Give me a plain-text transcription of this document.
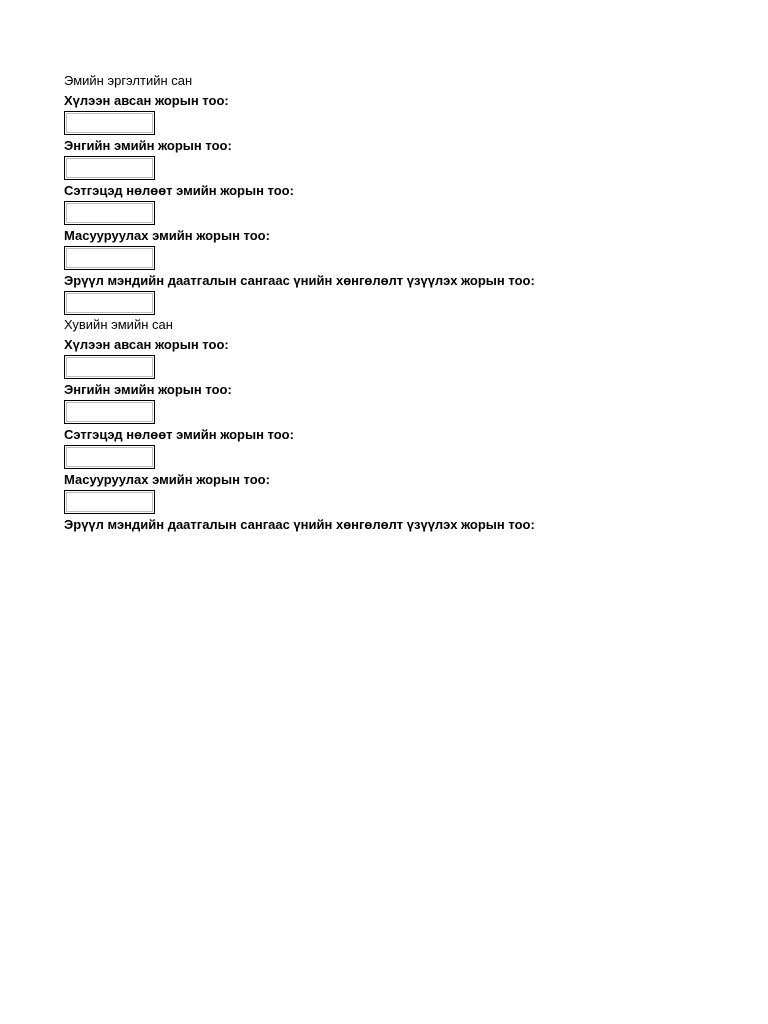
Эмийн эргэлтийн сан
Хүлээн авсан жорын тоо:
Энгийн эмийн жорын тоо:
Сэтгэцэд нөлөөт эмийн жорын тоо:
Масууруулах эмийн жорын тоо:
Эрүүл мэндийн даатгалын сангаас үнийн хөнгөлөлт үзүүлэх жорын тоо:
Хувийн эмийн сан
Хүлээн авсан жорын тоо:
Энгийн эмийн жорын тоо:
Сэтгэцэд нөлөөт эмийн жорын тоо:
Масууруулах эмийн жорын тоо:
Эрүүл мэндийн даатгалын сангаас үнийн хөнгөлөлт үзүүлэх жорын тоо:
